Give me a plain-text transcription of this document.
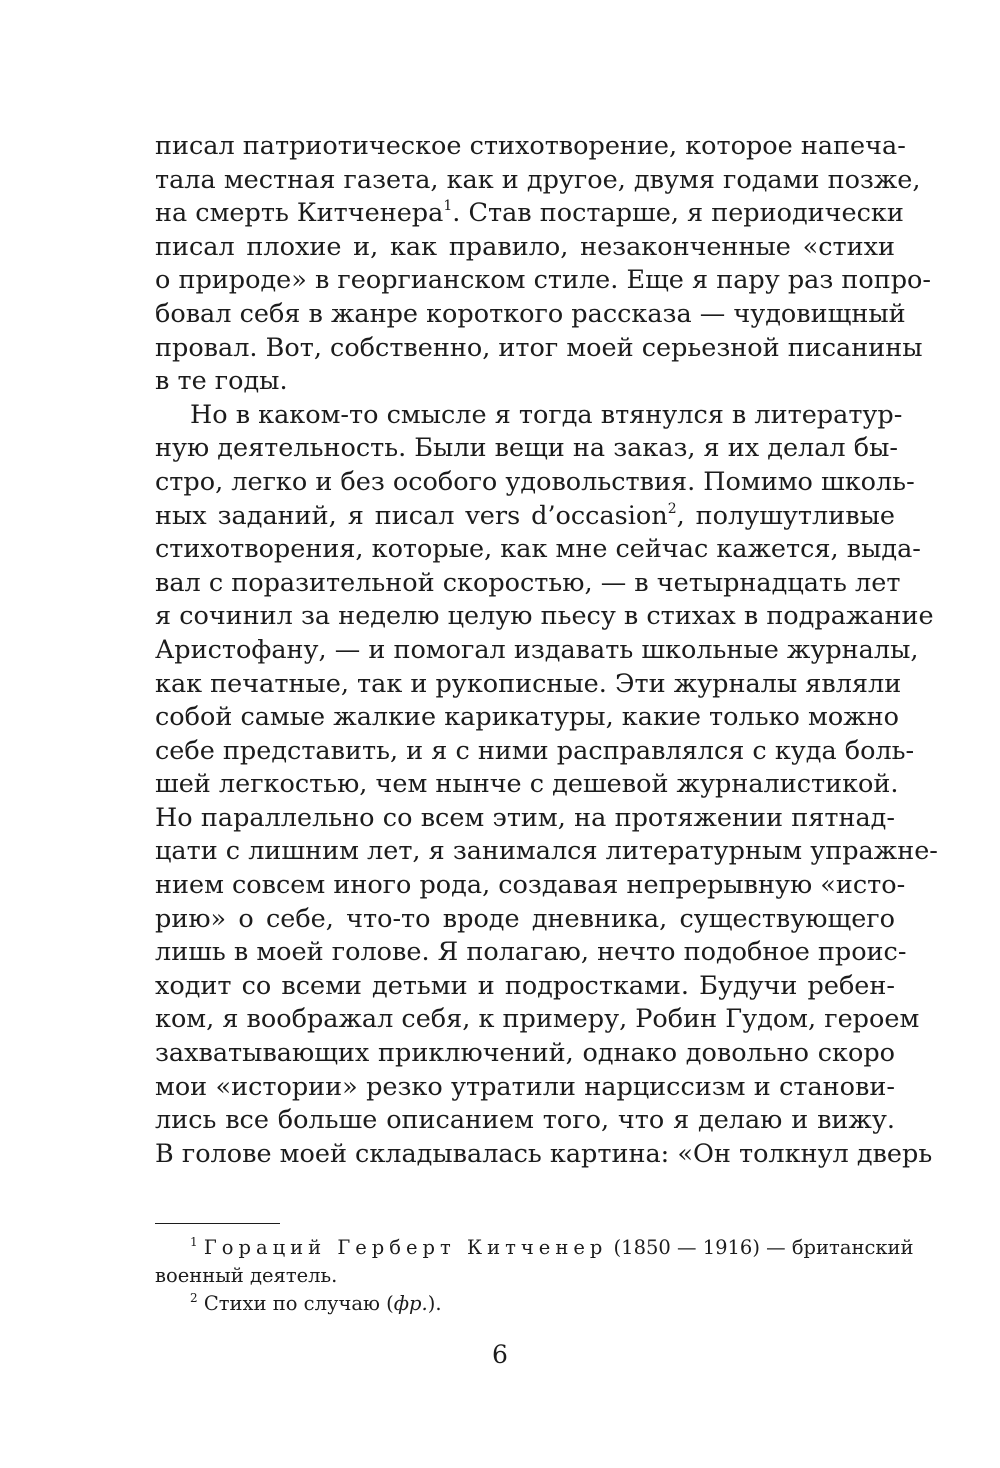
писал патриотическое стихотворение, которое напеча-
тала местная газета, как и другое, двумя годами позже,
на смерть Китченера$^1$. Став постарше, я периодически
писал плохие и, как правило, незаконченные «стихи
о природе» в георгианском стиле. Еще я пару раз попро-
бовал себя в жанре короткого рассказа — чудовищный
провал. Вот, собственно, итог моей серьезной писанины
в те годы.
Но в каком-то смысле я тогда втянулся в литератур-
ную деятельность. Были вещи на заказ, я их делал бы-
стро, легко и без особого удовольствия. Помимо школь-
ных заданий, я писал vers d’occasion$^2$, полушутливые
стихотворения, которые, как мне сейчас кажется, выда-
вал с поразительной скоростью, — в четырнадцать лет
я сочинил за неделю целую пьесу в стихах в подражание
Аристофану, — и помогал издавать школьные журналы,
как печатные, так и рукописные. Эти журналы являли
собой самые жалкие карикатуры, какие только можно
себе представить, и я с ними расправлялся с куда боль-
шей легкостью, чем нынче с дешевой журналистикой.
Но параллельно со всем этим, на протяжении пятнад-
цати с лишним лет, я занимался литературным упражне-
нием совсем иного рода, создавая непрерывную «исто-
рию» о себе, что-то вроде дневника, существующего
лишь в моей голове. Я полагаю, нечто подобное проис-
ходит со всеми детьми и подростками. Будучи ребен-
ком, я воображал себя, к примеру, Робин Гудом, героем
захватывающих приключений, однако довольно скоро
мои «истории» резко утратили нарциссизм и станови-
лись все больше описанием того, что я делаю и вижу.
В голове моей складывалась картина: «Он толкнул дверь
$^1$ Гораций Герберт Китченер (1850 — 1916) — британский
военный деятель.
$^2$ Стихи по случаю (фр.).
6
